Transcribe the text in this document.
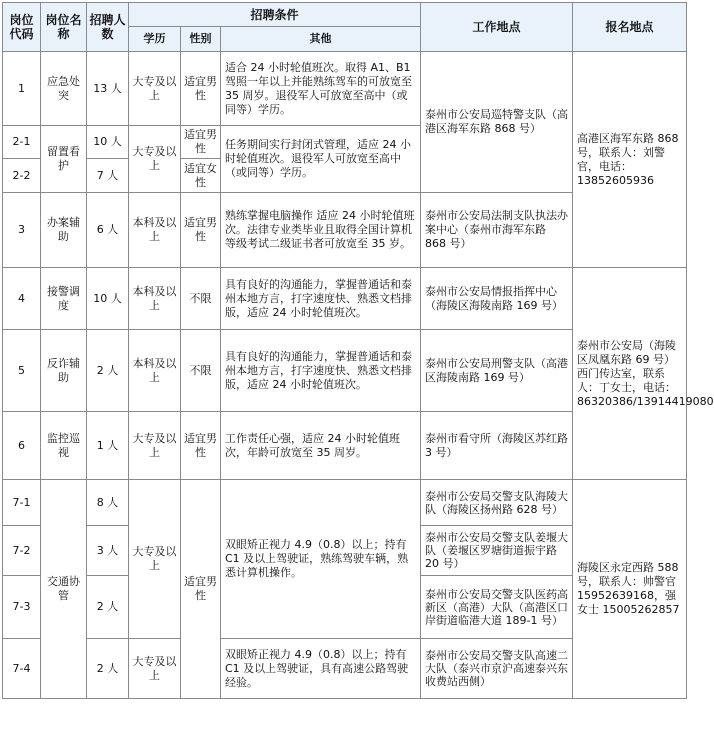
岗位代码	岗位名称	招聘人数	招聘条件			工作地点	报名地点
			学历	性别	其他		
1	应急处突	13 人	大专及以上	适宜男性	适合 24 小时轮值班次。取得 A1、B1 驾照一年以上并能熟练驾车的可放宽至 35 周岁。退役军人可放宽至高中（或同等）学历。	泰州市公安局巡特警支队（高港区海军东路 868 号）	高港区海军东路 868 号，联系人：刘警官，电话：13852605936
2-1	留置看护	10 人	大专及以上	适宜男性	任务期间实行封闭式管理，适应 24 小时轮值班次。退役军人可放宽至高中（或同等）学历。		
2-2		7 人		适宜女性			
3	办案辅助	6 人	本科及以上	适宜男性	熟练掌握电脑操作 适应 24 小时轮值班次。法律专业类毕业且取得全国计算机等级考试二级证书者可放宽至 35 岁。	泰州市公安局法制支队执法办案中心（泰州市海军东路 868 号）	
4	接警调度	10 人	本科及以上	不限	具有良好的沟通能力，掌握普通话和泰州本地方言，打字速度快、熟悉文档排版，适应 24 小时轮值班次。	泰州市公安局情报指挥中心（海陵区海陵南路 169 号）	泰州市公安局（海陵区凤凰东路 69 号）西门传达室，联系人：丁女士，电话：86320386/13914419080
5	反诈辅助	2 人	本科及以上	不限	具有良好的沟通能力，掌握普通话和泰州本地方言，打字速度快、熟悉文档排版，适应 24 小时轮值班次。	泰州市公安局刑警支队（高港区海陵南路 169 号）	
6	监控巡视	1 人	大专及以上	适宜男性	工作责任心强，适应 24 小时轮值班次，年龄可放宽至 35 周岁。	泰州市看守所（海陵区苏红路 3 号）	
7-1	交通协管	8 人	大专及以上	适宜男性	双眼矫正视力 4.9（0.8）以上；持有 C1 及以上驾驶证，熟练驾驶车辆，熟悉计算机操作。	泰州市公安局交警支队海陵大队（海陵区扬州路 628 号）	海陵区永定西路 588 号，联系人：帅警官 15952639168，强女士 15005262857
7-2		3 人				泰州市公安局交警支队姜堰大队（姜堰区罗塘街道振宇路 20 号）	
7-3		2 人				泰州市公安局交警支队医药高新区（高港）大队（高港区口岸街道临港大道 189-1 号）	
7-4		2 人	大专及以上		双眼矫正视力 4.9（0.8）以上；持有 C1 及以上驾驶证，具有高速公路驾驶经验。	泰州市公安局交警支队高速二大队（泰兴市京沪高速泰兴东收费站西侧）	
